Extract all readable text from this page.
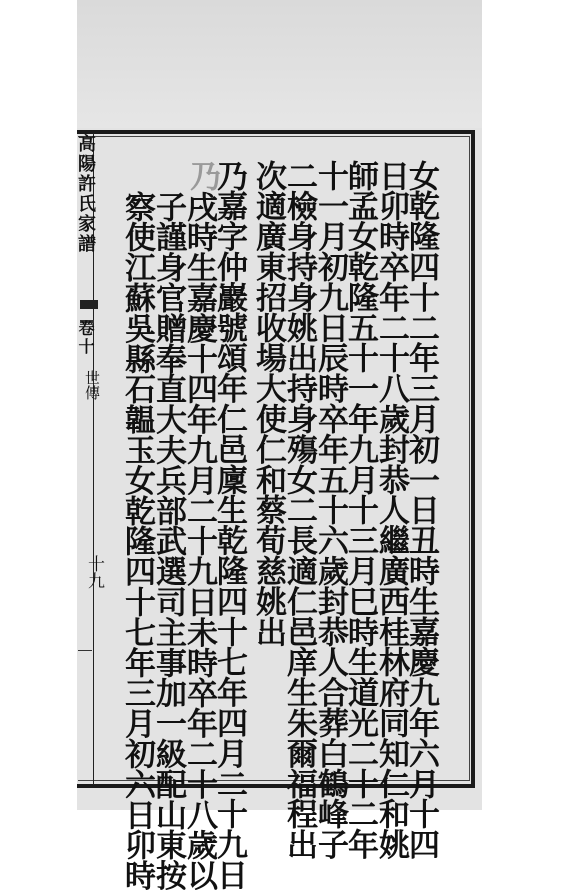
高陽許氏家譜
卷十
世傳
十九
乃	女乾隆四十二年三月初一日丑時生嘉慶九年六月十四
日卯時卒年二十八歲封恭人繼廣西桂林府同知仁和姚
師孟女乾隆五十一年九月十三月巳時生道光二十二年
十一月初九日辰時卒年五十六歲封恭人合葬白鶴峰子
二檢身持身姚出持身殤女二長適仁邑庠生朱爾福程出
次適廣東招收場大使仁和蔡荀慈姚出
乃嘉字仲巖號頌年仁邑廩生乾隆四十七年四月二十九日
戌時生嘉慶十四年九月二十九日未時卒年二十八歲以
子謹身官贈奉直大夫兵部武選司主事加一級配山東按
察使江蘇吳縣石韞玉女乾隆四十七年三月初六日卯時
